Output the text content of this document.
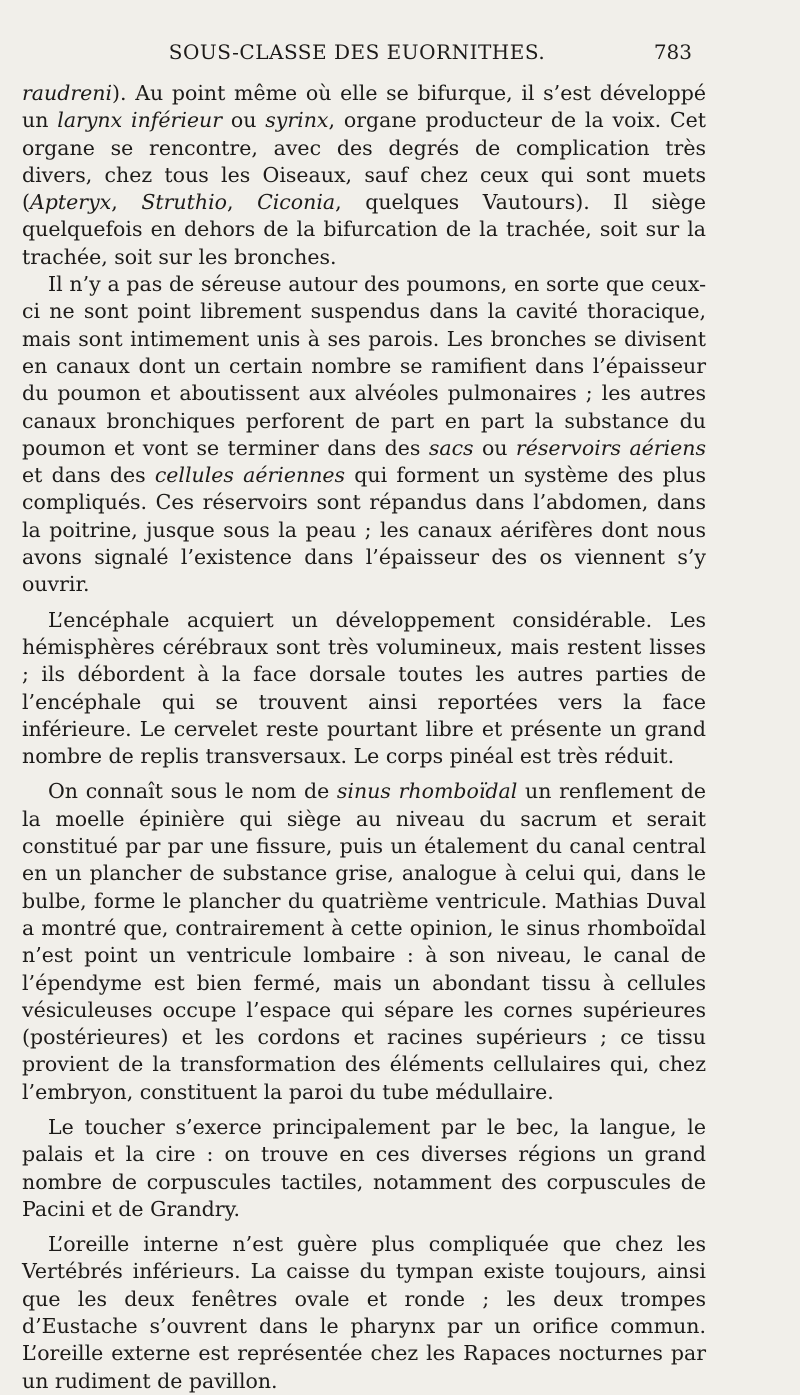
SOUS-CLASSE DES EUORNITHES.	783

raudreni). Au point même où elle se bifurque, il s’est développé un larynx inférieur ou syrinx, organe producteur de la voix. Cet organe se rencontre, avec des degrés de complication très divers, chez tous les Oiseaux, sauf chez ceux qui sont muets (Apteryx, Struthio, Ciconia, quelques Vautours). Il siège quelquefois en dehors de la bifurcation de la trachée, soit sur la trachée, soit sur les bronches.

Il n’y a pas de séreuse autour des poumons, en sorte que ceux-ci ne sont point librement suspendus dans la cavité thoracique, mais sont intimement unis à ses parois. Les bronches se divisent en canaux dont un certain nombre se ramifient dans l’épaisseur du poumon et aboutissent aux alvéoles pulmonaires ; les autres canaux bronchiques perforent de part en part la substance du poumon et vont se terminer dans des sacs ou réservoirs aériens et dans des cellules aériennes qui forment un système des plus compliqués. Ces réservoirs sont répandus dans l’abdomen, dans la poitrine, jusque sous la peau ; les canaux aérifères dont nous avons signalé l’existence dans l’épaisseur des os viennent s’y ouvrir.

L’encéphale acquiert un développement considérable. Les hémisphères cérébraux sont très volumineux, mais restent lisses ; ils débordent à la face dorsale toutes les autres parties de l’encéphale qui se trouvent ainsi reportées vers la face inférieure. Le cervelet reste pourtant libre et présente un grand nombre de replis transversaux. Le corps pinéal est très réduit.

On connaît sous le nom de sinus rhomboïdal un renflement de la moelle épinière qui siège au niveau du sacrum et serait constitué par par une fissure, puis un étalement du canal central en un plancher de substance grise, analogue à celui qui, dans le bulbe, forme le plancher du quatrième ventricule. Mathias Duval a montré que, contrairement à cette opinion, le sinus rhomboïdal n’est point un ventricule lombaire : à son niveau, le canal de l’épendyme est bien fermé, mais un abondant tissu à cellules vésiculeuses occupe l’espace qui sépare les cornes supérieures (postérieures) et les cordons et racines supérieurs ; ce tissu provient de la transformation des éléments cellulaires qui, chez l’embryon, constituent la paroi du tube médullaire.

Le toucher s’exerce principalement par le bec, la langue, le palais et la cire : on trouve en ces diverses régions un grand nombre de corpuscules tactiles, notamment des corpuscules de Pacini et de Grandry.

L’oreille interne n’est guère plus compliquée que chez les Vertébrés inférieurs. La caisse du tympan existe toujours, ainsi que les deux fenêtres ovale et ronde ; les deux trompes d’Eustache s’ouvrent dans le pharynx par un orifice commun. L’oreille externe est représentée chez les Rapaces nocturnes par un rudiment de pavillon.
